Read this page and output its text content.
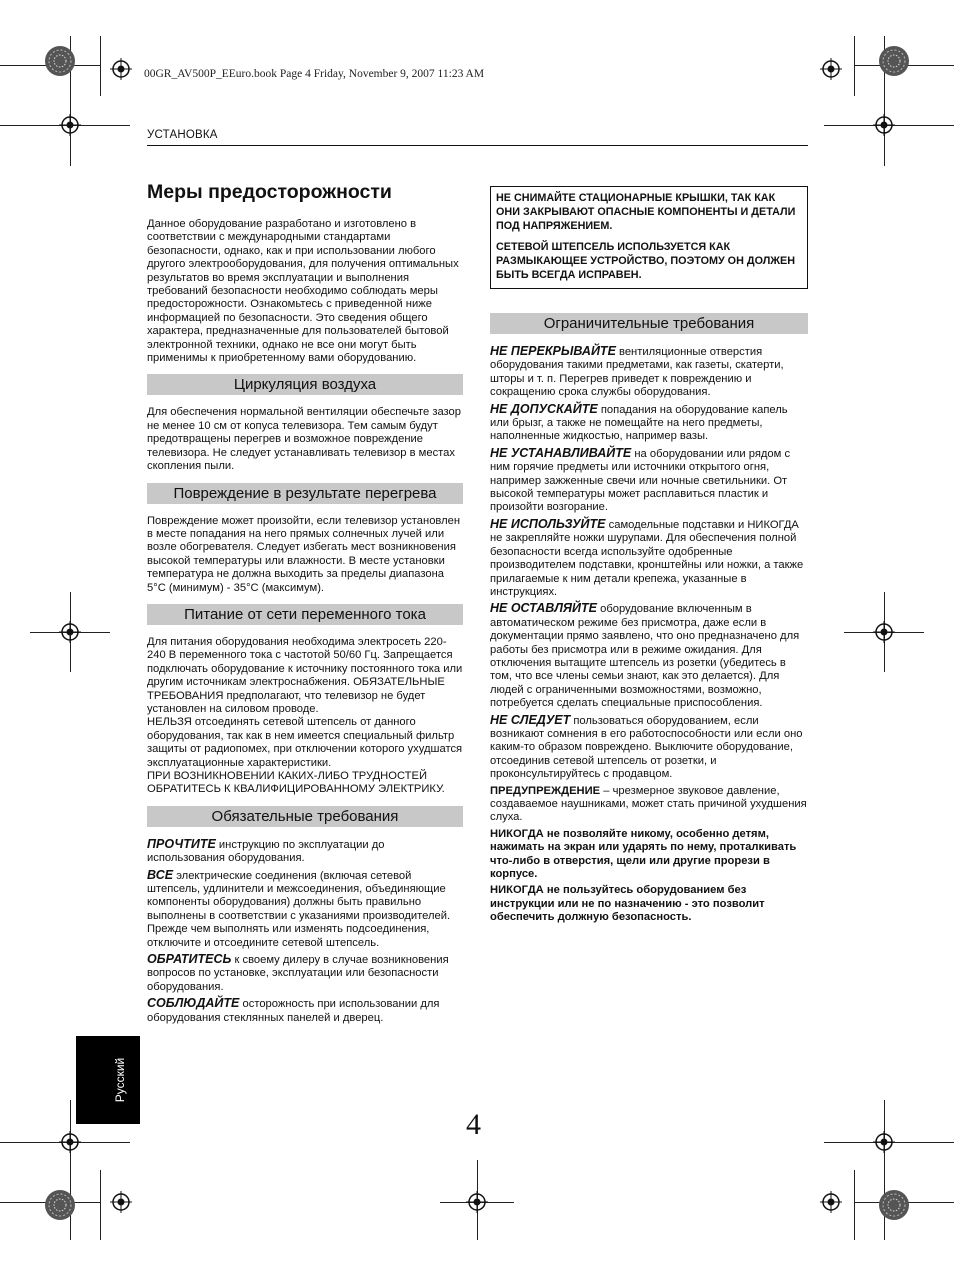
00GR_AV500P_EEuro.book Page 4 Friday, November 9, 2007 11:23 AM
УСТАНОВКА
Меры предосторожности

Данное оборудование разработано и изготовлено в соответствии с международными стандартами безопасности, однако, как и при использовании любого другого электрооборудования, для получения оптимальных результатов во время эксплуатации и выполнения требований безопасности необходимо соблюдать меры предосторожности. Ознакомьтесь с приведенной ниже информацией по безопасности. Это сведения общего характера, предназначенные для пользователей бытовой электронной техники, однако не все они могут быть применимы к приобретенному вами оборудованию.

Циркуляция воздуха

Для обеспечения нормальной вентиляции обеспечьте зазор не менее 10 см от копуса телевизора. Тем самым будут предотвращены перегрев и возможное повреждение телевизора. Не следует устанавливать телевизор в местах скопления пыли.

Повреждение в результате перегрева

Повреждение может произойти, если телевизор установлен в месте попадания на него прямых солнечных лучей или возле обогревателя. Следует избегать мест возникновения высокой температуры или влажности. В месте установки температура не должна выходить за пределы диапазона 5°C (минимум) - 35°C (максимум).

Питание от сети переменного тока

Для питания оборудования необходима электросеть 220-240 В переменного тока с частотой 50/60 Гц. Запрещается подключать оборудование к источнику постоянного тока или другим источникам электроснабжения. ОБЯЗАТЕЛЬНЫЕ ТРЕБОВАНИЯ предполагают, что телевизор не будет установлен на силовом проводе.

НЕЛЬЗЯ отсоединять сетевой штепсель от данного оборудования, так как в нем имеется специальный фильтр защиты от радиопомех, при отключении которого ухудшатся эксплуатационные характеристики.

ПРИ ВОЗНИКНОВЕНИИ КАКИХ-ЛИБО ТРУДНОСТЕЙ ОБРАТИТЕСЬ К КВАЛИФИЦИРОВАННОМУ ЭЛЕКТРИКУ.

Обязательные требования

ПРОЧТИТЕ инструкцию по эксплуатации до использования оборудования.

ВСЕ электрические соединения (включая сетевой штепсель, удлинители и межсоединения, объединяющие компоненты оборудования) должны быть правильно выполнены в соответствии с указаниями производителей. Прежде чем выполнять или изменять подсоединения, отключите и отсоедините сетевой штепсель.

ОБРАТИТЕСЬ к своему дилеру в случае возникновения вопросов по установке, эксплуатации или безопасности оборудования.

СОБЛЮДАЙТЕ осторожность при использовании для оборудования стеклянных панелей и дверец.

НЕ СНИМАЙТЕ СТАЦИОНАРНЫЕ КРЫШКИ, ТАК КАК ОНИ ЗАКРЫВАЮТ ОПАСНЫЕ КОМПОНЕНТЫ И ДЕТАЛИ ПОД НАПРЯЖЕНИЕМ.

СЕТЕВОЙ ШТЕПСЕЛЬ ИСПОЛЬЗУЕТСЯ КАК РАЗМЫКАЮЩЕЕ УСТРОЙСТВО, ПОЭТОМУ ОН ДОЛЖЕН БЫТЬ ВСЕГДА ИСПРАВЕН.

Ограничительные требования

НЕ ПЕРЕКРЫВАЙТЕ вентиляционные отверстия оборудования такими предметами, как газеты, скатерти, шторы и т. п. Перегрев приведет к повреждению и сокращению срока службы оборудования.

НЕ ДОПУСКАЙТЕ попадания на оборудование капель или брызг, а также не помещайте на него предметы, наполненные жидкостью, например вазы.

НЕ УСТАНАВЛИВАЙТЕ на оборудовании или рядом с ним горячие предметы или источники открытого огня, например зажженные свечи или ночные светильники. От высокой температуры может расплавиться пластик и произойти возгорание.

НЕ ИСПОЛЬЗУЙТЕ самодельные подставки и НИКОГДА не закрепляйте ножки шурупами. Для обеспечения полной безопасности всегда используйте одобренные производителем подставки, кронштейны или ножки, а также прилагаемые к ним детали крепежа, указанные в инструкциях.

НЕ ОСТАВЛЯЙТЕ оборудование включенным в автоматическом режиме без присмотра, даже если в документации прямо заявлено, что оно предназначено для работы без присмотра или в режиме ожидания. Для отключения вытащите штепсель из розетки (убедитесь в том, что все члены семьи знают, как это делается). Для людей с ограниченными возможностями, возможно, потребуется сделать специальные приспособления.

НЕ СЛЕДУЕТ пользоваться оборудованием, если возникают сомнения в его работоспособности или если оно каким-то образом повреждено. Выключите оборудование, отсоединив сетевой штепсель от розетки, и проконсультируйтесь с продавцом.

ПРЕДУПРЕЖДЕНИЕ – чрезмерное звуковое давление, создаваемое наушниками, может стать причиной ухудшения слуха.

НИКОГДА не позволяйте никому, особенно детям, нажимать на экран или ударять по нему, проталкивать что-либо в отверстия, щели или другие прорези в корпусе.

НИКОГДА не пользуйтесь оборудованием без инструкции или не по назначению - это позволит обеспечить должную безопасность.

Русский
4
